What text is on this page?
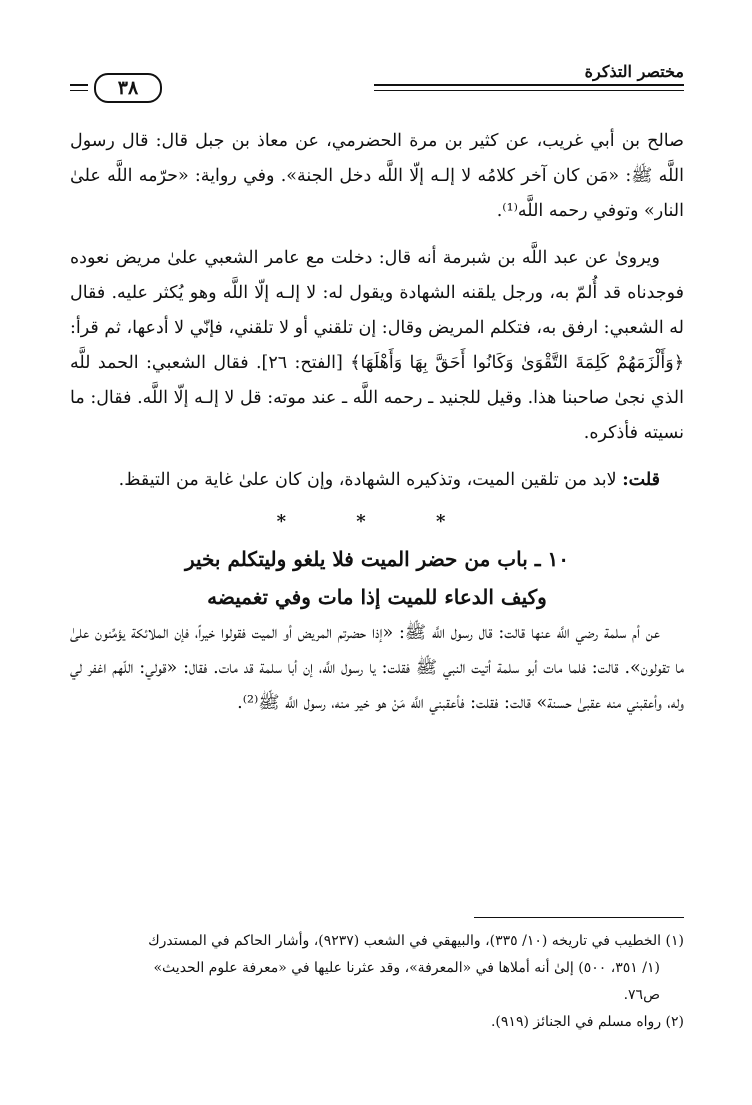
مختصر التذكرة
٣٨

صالح بن أبي غريب، عن كثير بن مرة الحضرمي، عن معاذ بن جبل قال: قال رسول اللَّه ﷺ: «مَن كان آخر كلامُه لا إلـه إلّا اللَّه دخل الجنة». وفي رواية: «حرّمه اللَّه علىٰ النار» وتوفي رحمه اللَّه⁽¹⁾.

ويروىٰ عن عبد اللَّه بن شبرمة أنه قال: دخلت مع عامر الشعبي علىٰ مريض نعوده فوجدناه قد أُلمّ به، ورجل يلقنه الشهادة ويقول له: لا إلـه إلّا اللَّه وهو يُكثر عليه. فقال له الشعبي: ارفق به، فتكلم المريض وقال: إن تلقني أو لا تلقني، فإنّي لا أدعها، ثم قرأ: ﴿وَأَلْزَمَهُمْ كَلِمَةَ التَّقْوَىٰ وَكَانُوا أَحَقَّ بِهَا وَأَهْلَهَا﴾ [الفتح: ٢٦]. فقال الشعبي: الحمد للَّه الذي نجىٰ صاحبنا هذا. وقيل للجنيد ـ رحمه اللَّه ـ عند موته: قل لا إلـه إلّا اللَّه. فقال: ما نسيته فأذكره.

قلت: لابد من تلقين الميت، وتذكيره الشهادة، وإن كان علىٰ غاية من التيقظ.

* * *

١٠ ـ باب من حضر الميت فلا يلغو وليتكلم بخير

وكيف الدعاء للميت إذا مات وفي تغميضه

عن أم سلمة رضي اللَّه عنها قالت: قال رسول اللَّه ﷺ: «إذا حضرتم المريض أو الميت فقولوا خيراً، فإن الملائكة يؤمِّنون علىٰ ما تقولون». قالت: فلما مات أبو سلمة أتيت النبي ﷺ فقلت: يا رسول اللَّه، إن أبا سلمة قد مات. فقال: «قولي: اللّهم اغفر لي وله، وأعقبني منه عقبىٰ حسنة» قالت: فقلت: فأعقبني اللَّه مَنْ هو خير منه، رسول اللَّه ﷺ⁽²⁾.

(١) الخطيب في تاريخه (١٠/ ٣٣٥)، والبيهقي في الشعب (٩٢٣٧)، وأشار الحاكم في المستدرك

(١/ ٣٥١، ٥٠٠) إلىٰ أنه أملاها في «المعرفة»، وقد عثرنا عليها في «معرفة علوم الحديث»

ص٧٦.

(٢) رواه مسلم في الجنائز (٩١٩).
